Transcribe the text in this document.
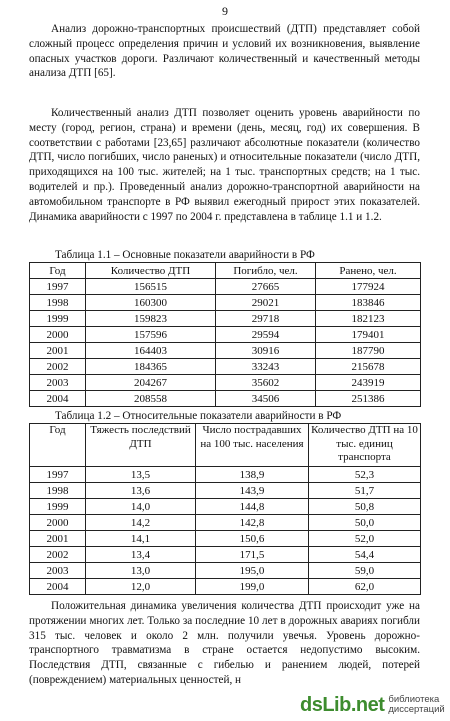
9

Анализ дорожно-транспортных происшествий (ДТП) представляет собой сложный процесс определения причин и условий их возникновения, выявление опасных участков дороги. Различают количественный и качественный методы анализа ДТП [65].

Количественный анализ ДТП позволяет оценить уровень аварийности по месту (город, регион, страна) и времени (день, месяц, год) их совершения. В соответствии с работами [23,65] различают абсолютные показатели (количество ДТП, число погибших, число раненых) и относительные показатели (число ДТП, приходящихся на 100 тыс. жителей; на 1 тыс. транспортных средств; на 1 тыс. водителей и пр.). Проведенный анализ дорожно-транспортной аварийности на автомобильном транспорте в РФ выявил ежегодный прирост этих показателей. Динамика аварийности с 1997 по 2004 г. представлена в таблице 1.1 и 1.2.

Таблица 1.1 – Основные показатели аварийности в РФ
Год	Количество ДТП	Погибло, чел.	Ранено, чел.
1997	156515	27665	177924
1998	160300	29021	183846
1999	159823	29718	182123
2000	157596	29594	179401
2001	164403	30916	187790
2002	184365	33243	215678
2003	204267	35602	243919
2004	208558	34506	251386
Таблица 1.2 – Относительные показатели аварийности в РФ
Год	Тяжесть последствий ДТП	Число пострадавших на 100 тыс. населения	Количество ДТП на 10 тыс. единиц транспорта
1997	13,5	138,9	52,3
1998	13,6	143,9	51,7
1999	14,0	144,8	50,8
2000	14,2	142,8	50,0
2001	14,1	150,6	52,0
2002	13,4	171,5	54,4
2003	13,0	195,0	59,0
2004	12,0	199,0	62,0

Положительная динамика увеличения количества ДТП происходит уже на протяжении многих лет. Только за последние 10 лет в дорожных авариях погибли 315 тыс. человек и около 2 млн. получили увечья. Уровень дорожно-транспортного травматизма в стране остается недопустимо высоким. Последствия ДТП, связанные с гибелью и ранением людей, потерей (повреждением) материальных ценностей, н

dsLib.net библиотека диссертаций
